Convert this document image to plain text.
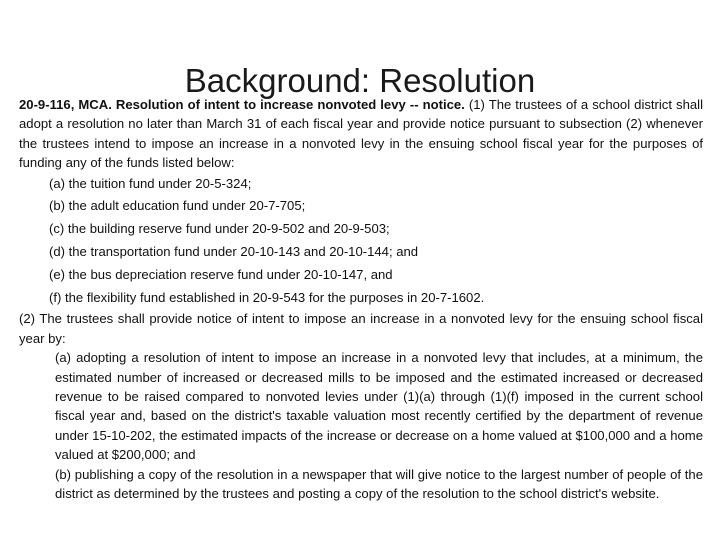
Background: Resolution

20-9-116, MCA. Resolution of intent to increase nonvoted levy -- notice. (1) The trustees of a school district shall adopt a resolution no later than March 31 of each fiscal year and provide notice pursuant to subsection (2) whenever the trustees intend to impose an increase in a nonvoted levy in the ensuing school fiscal year for the purposes of funding any of the funds listed below:

(a) the tuition fund under 20-5-324;

(b) the adult education fund under 20-7-705;

(c) the building reserve fund under 20-9-502 and 20-9-503;

(d) the transportation fund under 20-10-143 and 20-10-144; and

(e) the bus depreciation reserve fund under 20-10-147, and

(f) the flexibility fund established in 20-9-543 for the purposes in 20-7-1602.

(2) The trustees shall provide notice of intent to impose an increase in a nonvoted levy for the ensuing school fiscal year by:

(a) adopting a resolution of intent to impose an increase in a nonvoted levy that includes, at a minimum, the estimated number of increased or decreased mills to be imposed and the estimated increased or decreased revenue to be raised compared to nonvoted levies under (1)(a) through (1)(f) imposed in the current school fiscal year and, based on the district's taxable valuation most recently certified by the department of revenue under 15-10-202, the estimated impacts of the increase or decrease on a home valued at $100,000 and a home valued at $200,000; and

(b) publishing a copy of the resolution in a newspaper that will give notice to the largest number of people of the district as determined by the trustees and posting a copy of the resolution to the school district's website.
